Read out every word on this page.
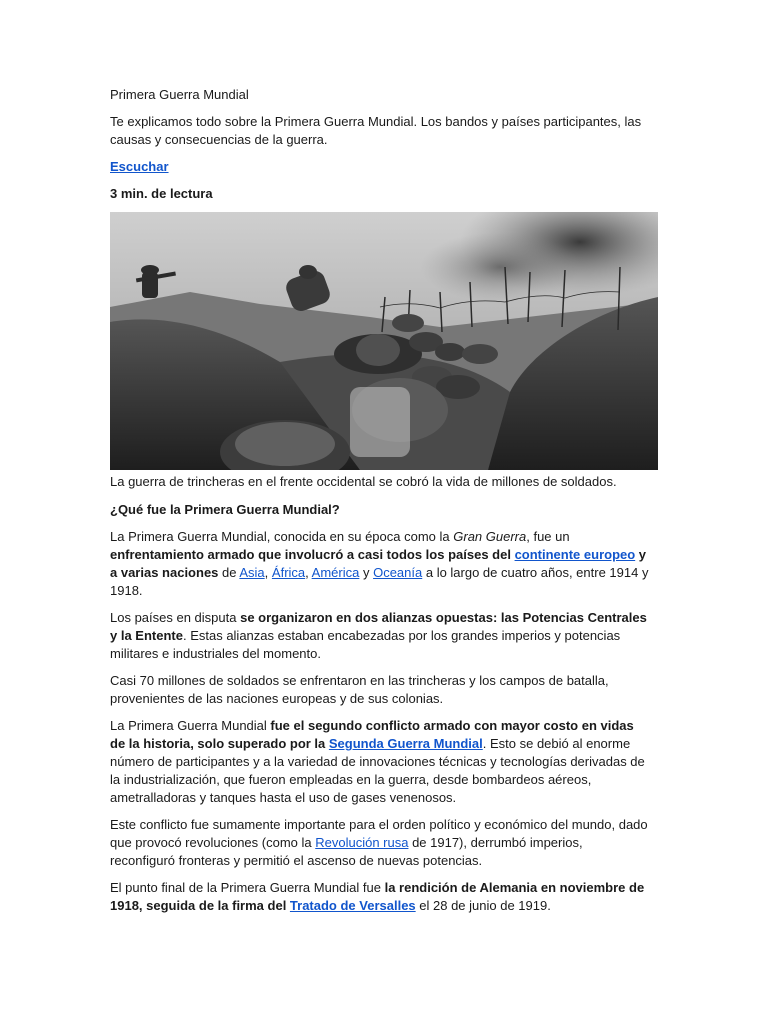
Primera Guerra Mundial

Te explicamos todo sobre la Primera Guerra Mundial. Los bandos y países participantes, las causas y consecuencias de la guerra.

Escuchar

3 min. de lectura

La guerra de trincheras en el frente occidental se cobró la vida de millones de soldados.

¿Qué fue la Primera Guerra Mundial?

La Primera Guerra Mundial, conocida en su época como la Gran Guerra, fue un enfrentamiento armado que involucró a casi todos los países del continente europeo y a varias naciones de Asia, África, América y Oceanía a lo largo de cuatro años, entre 1914 y 1918.

Los países en disputa se organizaron en dos alianzas opuestas: las Potencias Centrales y la Entente. Estas alianzas estaban encabezadas por los grandes imperios y potencias militares e industriales del momento.

Casi 70 millones de soldados se enfrentaron en las trincheras y los campos de batalla, provenientes de las naciones europeas y de sus colonias.

La Primera Guerra Mundial fue el segundo conflicto armado con mayor costo en vidas de la historia, solo superado por la Segunda Guerra Mundial. Esto se debió al enorme número de participantes y a la variedad de innovaciones técnicas y tecnologías derivadas de la industrialización, que fueron empleadas en la guerra, desde bombardeos aéreos, ametralladoras y tanques hasta el uso de gases venenosos.

Este conflicto fue sumamente importante para el orden político y económico del mundo, dado que provocó revoluciones (como la Revolución rusa de 1917), derrumbó imperios, reconfiguró fronteras y permitió el ascenso de nuevas potencias.

El punto final de la Primera Guerra Mundial fue la rendición de Alemania en noviembre de 1918, seguida de la firma del Tratado de Versalles el 28 de junio de 1919.
